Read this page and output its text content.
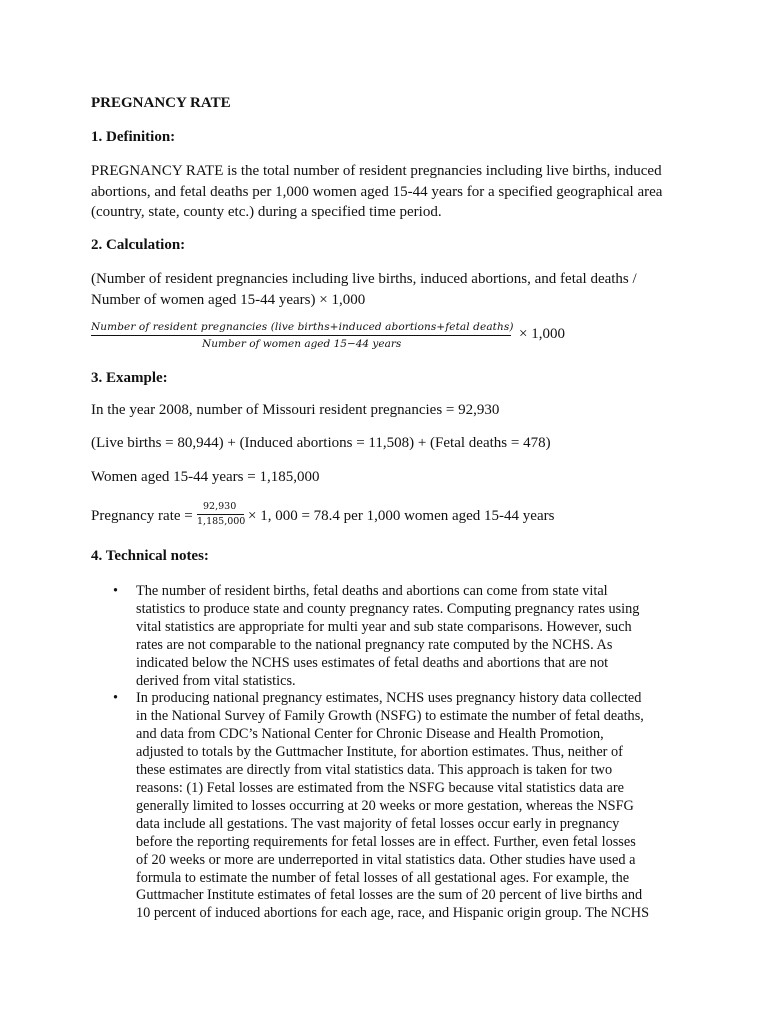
PREGNANCY RATE
1. Definition:
PREGNANCY RATE is the total number of resident pregnancies including live births, induced
abortions, and fetal deaths per 1,000 women aged 15-44 years for a specified geographical area
(country, state, county etc.) during a specified time period.
2. Calculation:
(Number of resident pregnancies including live births, induced abortions, and fetal deaths /
Number of women aged 15-44 years) × 1,000
Number of resident pregnancies (live births+induced abortions+fetal deaths)
Number of women aged 15−44 years
× 1,000
3. Example:
In the year 2008, number of Missouri resident pregnancies = 92,930
(Live births = 80,944) + (Induced abortions = 11,508) + (Fetal deaths = 478)
Women aged 15-44 years = 1,185,000
Pregnancy rate =
92,930
1,185,000 × 1, 000 = 78.4 per 1,000 women aged 15-44 years
4. Technical notes:
• The number of resident births, fetal deaths and abortions can come from state vital
statistics to produce state and county pregnancy rates. Computing pregnancy rates using
vital statistics are appropriate for multi year and sub state comparisons. However, such
rates are not comparable to the national pregnancy rate computed by the NCHS. As
indicated below the NCHS uses estimates of fetal deaths and abortions that are not
derived from vital statistics.
• In producing national pregnancy estimates, NCHS uses pregnancy history data collected
in the National Survey of Family Growth (NSFG) to estimate the number of fetal deaths,
and data from CDC’s National Center for Chronic Disease and Health Promotion,
adjusted to totals by the Guttmacher Institute, for abortion estimates. Thus, neither of
these estimates are directly from vital statistics data. This approach is taken for two
reasons: (1) Fetal losses are estimated from the NSFG because vital statistics data are
generally limited to losses occurring at 20 weeks or more gestation, whereas the NSFG
data include all gestations. The vast majority of fetal losses occur early in pregnancy
before the reporting requirements for fetal losses are in effect. Further, even fetal losses
of 20 weeks or more are underreported in vital statistics data. Other studies have used a
formula to estimate the number of fetal losses of all gestational ages. For example, the
Guttmacher Institute estimates of fetal losses are the sum of 20 percent of live births and
10 percent of induced abortions for each age, race, and Hispanic origin group. The NCHS
